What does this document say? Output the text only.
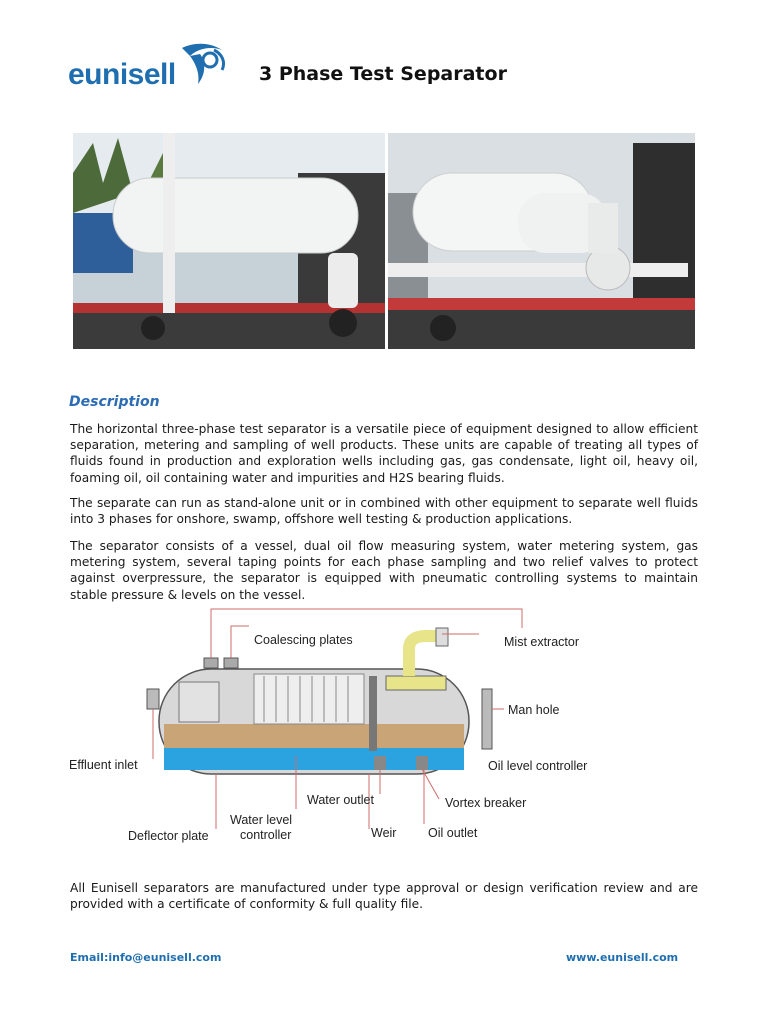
eunisell	3 Phase Test Separator
Description

The horizontal three-phase test separator is a versatile piece of equipment designed to allow efficient separation, metering and sampling of well products. These units are capable of treating all types of fluids found in production and exploration wells including gas, gas condensate, light oil, heavy oil, foaming oil, oil containing water and impurities and H2S bearing fluids.

The separate can run as stand-alone unit or in combined with other equipment to separate well fluids into 3 phases for onshore, swamp, offshore well testing & production applications.

The separator consists of a vessel, dual oil flow measuring system, water metering system, gas metering system, several taping points for each phase sampling and two relief valves to protect against overpressure, the separator is equipped with pneumatic controlling systems to maintain stable pressure & levels on the vessel.

Coalescing plates	Mist extractor
Man hole
Effluent inlet	Oil level controller
Water outlet	Vortex breaker
Water level
controller
Deflector plate	Weir	Oil outlet

All Eunisell separators are manufactured under type approval or design verification review and are provided with a certificate of conformity & full quality file.

Email:info@eunisell.com	www.eunisell.com
